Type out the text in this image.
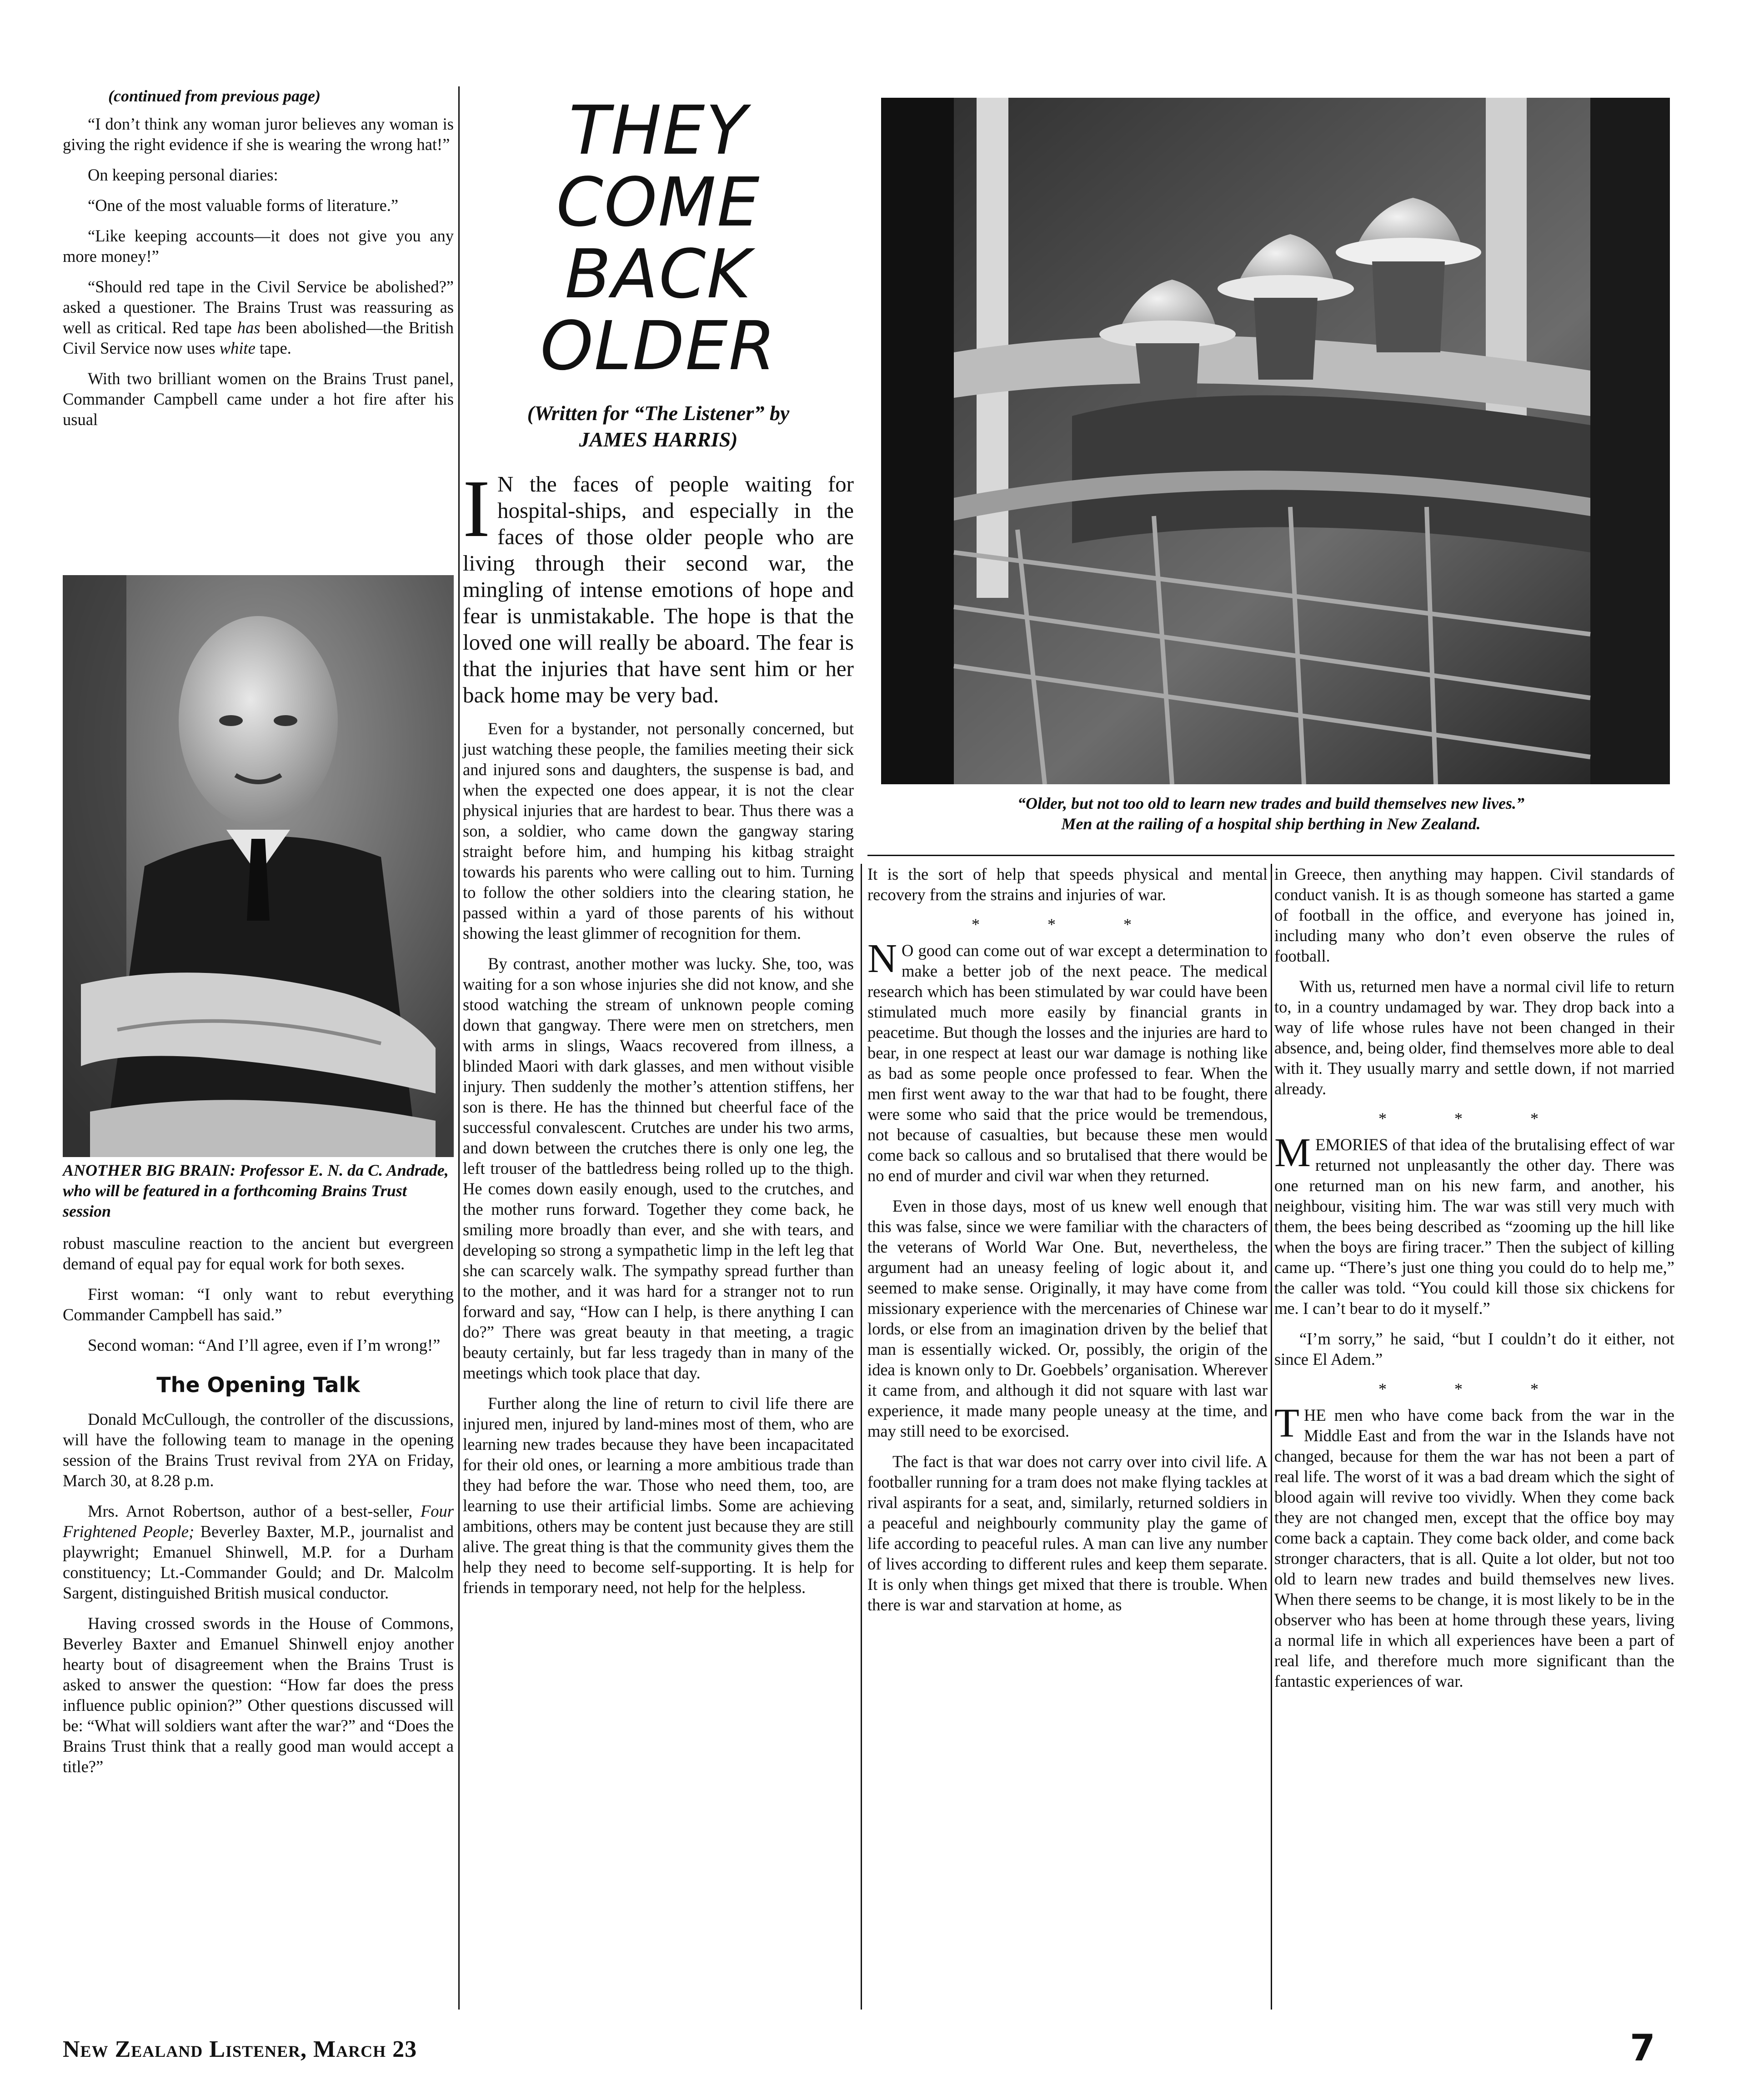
(continued from previous page)

“I don’t think any woman juror believes any woman is giving the right evidence if she is wearing the wrong hat!”

On keeping personal diaries:

“One of the most valuable forms of literature.”

“Like keeping accounts—it does not give you any more money!”

“Should red tape in the Civil Service be abolished?” asked a questioner. The Brains Trust was reassuring as well as critical. Red tape has been abolished—the British Civil Service now uses white tape.

With two brilliant women on the Brains Trust panel, Commander Campbell came under a hot fire after his usual

ANOTHER BIG BRAIN: Professor E. N. da C. Andrade, who will be featured in a forthcoming Brains Trust session

robust masculine reaction to the ancient but evergreen demand of equal pay for equal work for both sexes.

First woman: “I only want to rebut everything Commander Campbell has said.”

Second woman: “And I’ll agree, even if I’m wrong!”

The Opening Talk

Donald McCullough, the controller of the discussions, will have the following team to manage in the opening session of the Brains Trust revival from 2YA on Friday, March 30, at 8.28 p.m.

Mrs. Arnot Robertson, author of a best-seller, Four Frightened People; Beverley Baxter, M.P., journalist and playwright; Emanuel Shinwell, M.P. for a Durham constituency; Lt.-Commander Gould; and Dr. Malcolm Sargent, distinguished British musical conductor.

Having crossed swords in the House of Commons, Beverley Baxter and Emanuel Shinwell enjoy another hearty bout of disagreement when the Brains Trust is asked to answer the question: “How far does the press influence public opinion?” Other questions discussed will be: “What will soldiers want after the war?” and “Does the Brains Trust think that a really good man would accept a title?”

THEY COME
BACK
OLDER
(Written for “The Listener” by
JAMES HARRIS)

I N the faces of people waiting for hospital-ships, and especially in the faces of those older people who are living through their second war, the mingling of intense emotions of hope and fear is unmistakable. The hope is that the loved one will really be aboard. The fear is that the injuries that have sent him or her back home may be very bad.

Even for a bystander, not personally concerned, but just watching these people, the families meeting their sick and injured sons and daughters, the suspense is bad, and when the expected one does appear, it is not the clear physical injuries that are hardest to bear. Thus there was a son, a soldier, who came down the gangway staring straight before him, and humping his kitbag straight towards his parents who were calling out to him. Turning to follow the other soldiers into the clearing station, he passed within a yard of those parents of his without showing the least glimmer of recognition for them.

By contrast, another mother was lucky. She, too, was waiting for a son whose injuries she did not know, and she stood watching the stream of unknown people coming down that gangway. There were men on stretchers, men with arms in slings, Waacs recovered from illness, a blinded Maori with dark glasses, and men without visible injury. Then suddenly the mother’s attention stiffens, her son is there. He has the thinned but cheerful face of the successful convalescent. Crutches are under his two arms, and down between the crutches there is only one leg, the left trouser of the battledress being rolled up to the thigh. He comes down easily enough, used to the crutches, and the mother runs forward. Together they come back, he smiling more broadly than ever, and she with tears, and developing so strong a sympathetic limp in the left leg that she can scarcely walk. The sympathy spread further than to the mother, and it was hard for a stranger not to run forward and say, “How can I help, is there anything I can do?” There was great beauty in that meeting, a tragic beauty certainly, but far less tragedy than in many of the meetings which took place that day.

Further along the line of return to civil life there are injured men, injured by land-mines most of them, who are learning new trades because they have been incapacitated for their old ones, or learning a more ambitious trade than they had before the war. Those who need them, too, are learning to use their artificial limbs. Some are achieving ambitions, others may be content just because they are still alive. The great thing is that the community gives them the help they need to become self-supporting. It is help for friends in temporary need, not help for the helpless.

“Older, but not too old to learn new trades and build themselves new lives.”
Men at the railing of a hospital ship berthing in New Zealand.

It is the sort of help that speeds physical and mental recovery from the strains and injuries of war.

* * *

N O good can come out of war except a determination to make a better job of the next peace. The medical research which has been stimulated by war could have been stimulated much more easily by financial grants in peacetime. But though the losses and the injuries are hard to bear, in one respect at least our war damage is nothing like as bad as some people once professed to fear. When the men first went away to the war that had to be fought, there were some who said that the price would be tremendous, not because of casualties, but because these men would come back so callous and so brutalised that there would be no end of murder and civil war when they returned.

Even in those days, most of us knew well enough that this was false, since we were familiar with the characters of the veterans of World War One. But, nevertheless, the argument had an uneasy feeling of logic about it, and seemed to make sense. Originally, it may have come from missionary experience with the mercenaries of Chinese war lords, or else from an imagination driven by the belief that man is essentially wicked. Or, possibly, the origin of the idea is known only to Dr. Goebbels’ organisation. Wherever it came from, and although it did not square with last war experience, it made many people uneasy at the time, and may still need to be exorcised.

The fact is that war does not carry over into civil life. A footballer running for a tram does not make flying tackles at rival aspirants for a seat, and, similarly, returned soldiers in a peaceful and neighbourly community play the game of life according to peaceful rules. A man can live any number of lives according to different rules and keep them separate. It is only when things get mixed that there is trouble. When there is war and starvation at home, as

in Greece, then anything may happen. Civil standards of conduct vanish. It is as though someone has started a game of football in the office, and everyone has joined in, including many who don’t even observe the rules of football.

With us, returned men have a normal civil life to return to, in a country undamaged by war. They drop back into a way of life whose rules have not been changed in their absence, and, being older, find themselves more able to deal with it. They usually marry and settle down, if not married already.

* * *

MEMORIES of that idea of the brutalising effect of war returned not unpleasantly the other day. There was one returned man on his new farm, and another, his neighbour, visiting him. The war was still very much with them, the bees being described as “zooming up the hill like when the boys are firing tracer.” Then the subject of killing came up. “There’s just one thing you could do to help me,” the caller was told. “You could kill those six chickens for me. I can’t bear to do it myself.”

“I’m sorry,” he said, “but I couldn’t do it either, not since El Adem.”

* * *

THE men who have come back from the war in the Middle East and from the war in the Islands have not changed, because for them the war has not been a part of real life. The worst of it was a bad dream which the sight of blood again will revive too vividly. When they come back they are not changed men, except that the office boy may come back a captain. They come back older, and come back stronger characters, that is all. Quite a lot older, but not too old to learn new trades and build themselves new lives. When there seems to be change, it is most likely to be in the observer who has been at home through these years, living a normal life in which all experiences have been a part of real life, and therefore much more significant than the fantastic experiences of war.

New Zealand Listener, March 23	7
